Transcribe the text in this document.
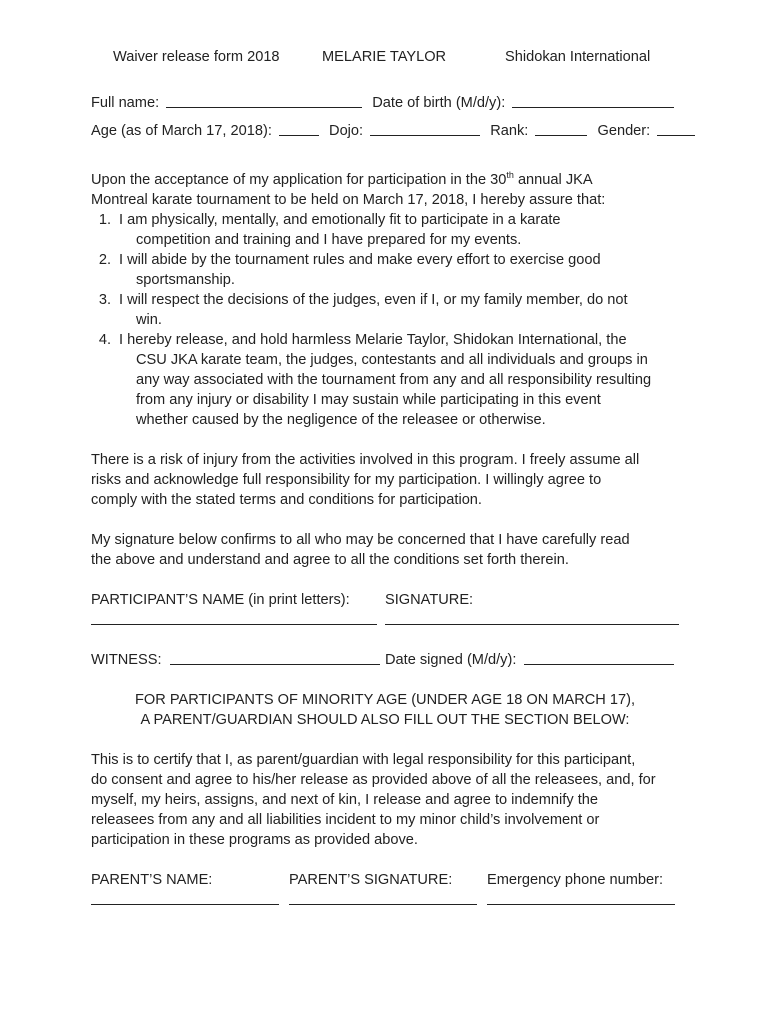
Waiver release form 2018	MELARIE TAYLOR	Shidokan International
Full name:	Date of birth (M/d/y):
Age (as of March 17, 2018):	Dojo:	Rank:	Gender:
Upon the acceptance of my application for participation in the 30th annual JKA
Montreal karate tournament to be held on March 17, 2018, I hereby assure that:
1. I am physically, mentally, and emotionally fit to participate in a karate
competition and training and I have prepared for my events.
2. I will abide by the tournament rules and make every effort to exercise good
sportsmanship.
3. I will respect the decisions of the judges, even if I, or my family member, do not
win.
4. I hereby release, and hold harmless Melarie Taylor, Shidokan International, the
CSU JKA karate team, the judges, contestants and all individuals and groups in
any way associated with the tournament from any and all responsibility resulting
from any injury or disability I may sustain while participating in this event
whether caused by the negligence of the releasee or otherwise.
There is a risk of injury from the activities involved in this program. I freely assume all
risks and acknowledge full responsibility for my participation. I willingly agree to
comply with the stated terms and conditions for participation.
My signature below confirms to all who may be concerned that I have carefully read
the above and understand and agree to all the conditions set forth therein.
PARTICIPANT’S NAME (in print letters): SIGNATURE:
WITNESS:	Date signed (M/d/y):
FOR PARTICIPANTS OF MINORITY AGE (UNDER AGE 18 ON MARCH 17),
A PARENT/GUARDIAN SHOULD ALSO FILL OUT THE SECTION BELOW:
This is to certify that I, as parent/guardian with legal responsibility for this participant,
do consent and agree to his/her release as provided above of all the releasees, and, for
myself, my heirs, assigns, and next of kin, I release and agree to indemnify the
releasees from any and all liabilities incident to my minor child’s involvement or
participation in these programs as provided above.
PARENT’S NAME:	PARENT’S SIGNATURE: Emergency phone number:
